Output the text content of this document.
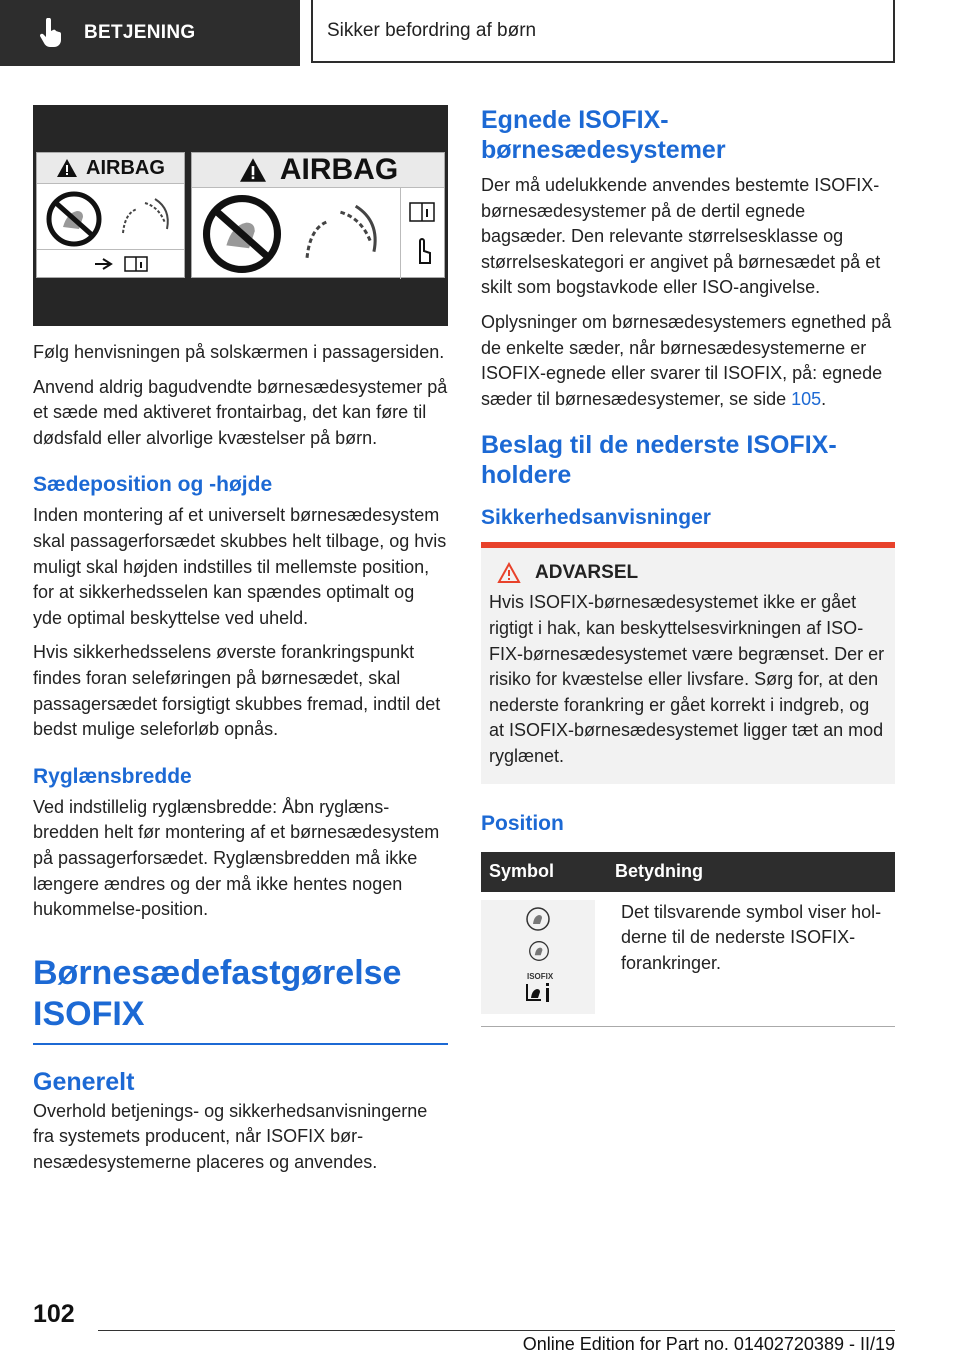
BETJENING	Sikker befordring af børn
AIRBAG	AIRBAG

Følg henvisningen på solskærmen i passagersiden.

Anvend aldrig bagudvendte børnesædesystemer på et sæde med aktiveret frontairbag, det kan føre til dødsfald eller alvorlige kvæstelser på børn.

Sædeposition og -højde

Inden montering af et universelt børnesædesystem skal passagerforsædet skubbes helt tilbage, og hvis muligt skal højden indstilles til mellemste position, for at sikkerhedsselen kan spændes optimalt og yde optimal beskyttelse ved uheld.

Hvis sikkerhedsselens øverste forankringspunkt findes foran seleføringen på børnesædet, skal passagersædet forsigtigt skubbes fremad, indtil det bedst mulige seleforløb opnås.

Ryglænsbredde

Ved indstillelig ryglænsbredde: Åbn ryglænsbredden helt før montering af et børnesædesystem på passagerforsædet. Ryglænsbredden må ikke længere ændres og der må ikke hentes nogen hukommelse-position.

Børnesædefastgørelse ISOFIX
Generelt

Overhold betjenings- og sikkerhedsanvisningerne fra systemets producent, når ISOFIX børnesædesystemerne placeres og anvendes.

Egnede ISOFIX-børnesædesystemer

Der må udelukkende anvendes bestemte ISOFIX-børnesædesystemer på de dertil egnede bagsæder. Den relevante størrelsesklasse og størrelseskategori er angivet på børnesædet på et skilt som bogstavkode eller ISO-angivelse.

Oplysninger om børnesædesystemers egnethed på de enkelte sæder, når børnesædesystemerne er ISOFIX-egnede eller svarer til ISOFIX, på: egnede sæder til børnesædesystemer, se side 105.

Beslag til de nederste ISOFIX-holdere
Sikkerhedsanvisninger
ADVARSEL

Hvis ISOFIX-børnesædesystemet ikke er gået rigtigt i hak, kan beskyttelsesvirkningen af ISOFIX-børnesædesystemet være begrænset. Der er risiko for kvæstelse eller livsfare. Sørg for, at den nederste forankring er gået korrekt i indgreb, og at ISOFIX-børnesædesystemet ligger tæt an mod ryglænet.

Position
Symbol	Betydning

ISOFIX	Det tilsvarende symbol viser holderne til de nederste ISOFIX-forankringer.
102
Online Edition for Part no. 01402720389 - II/19
